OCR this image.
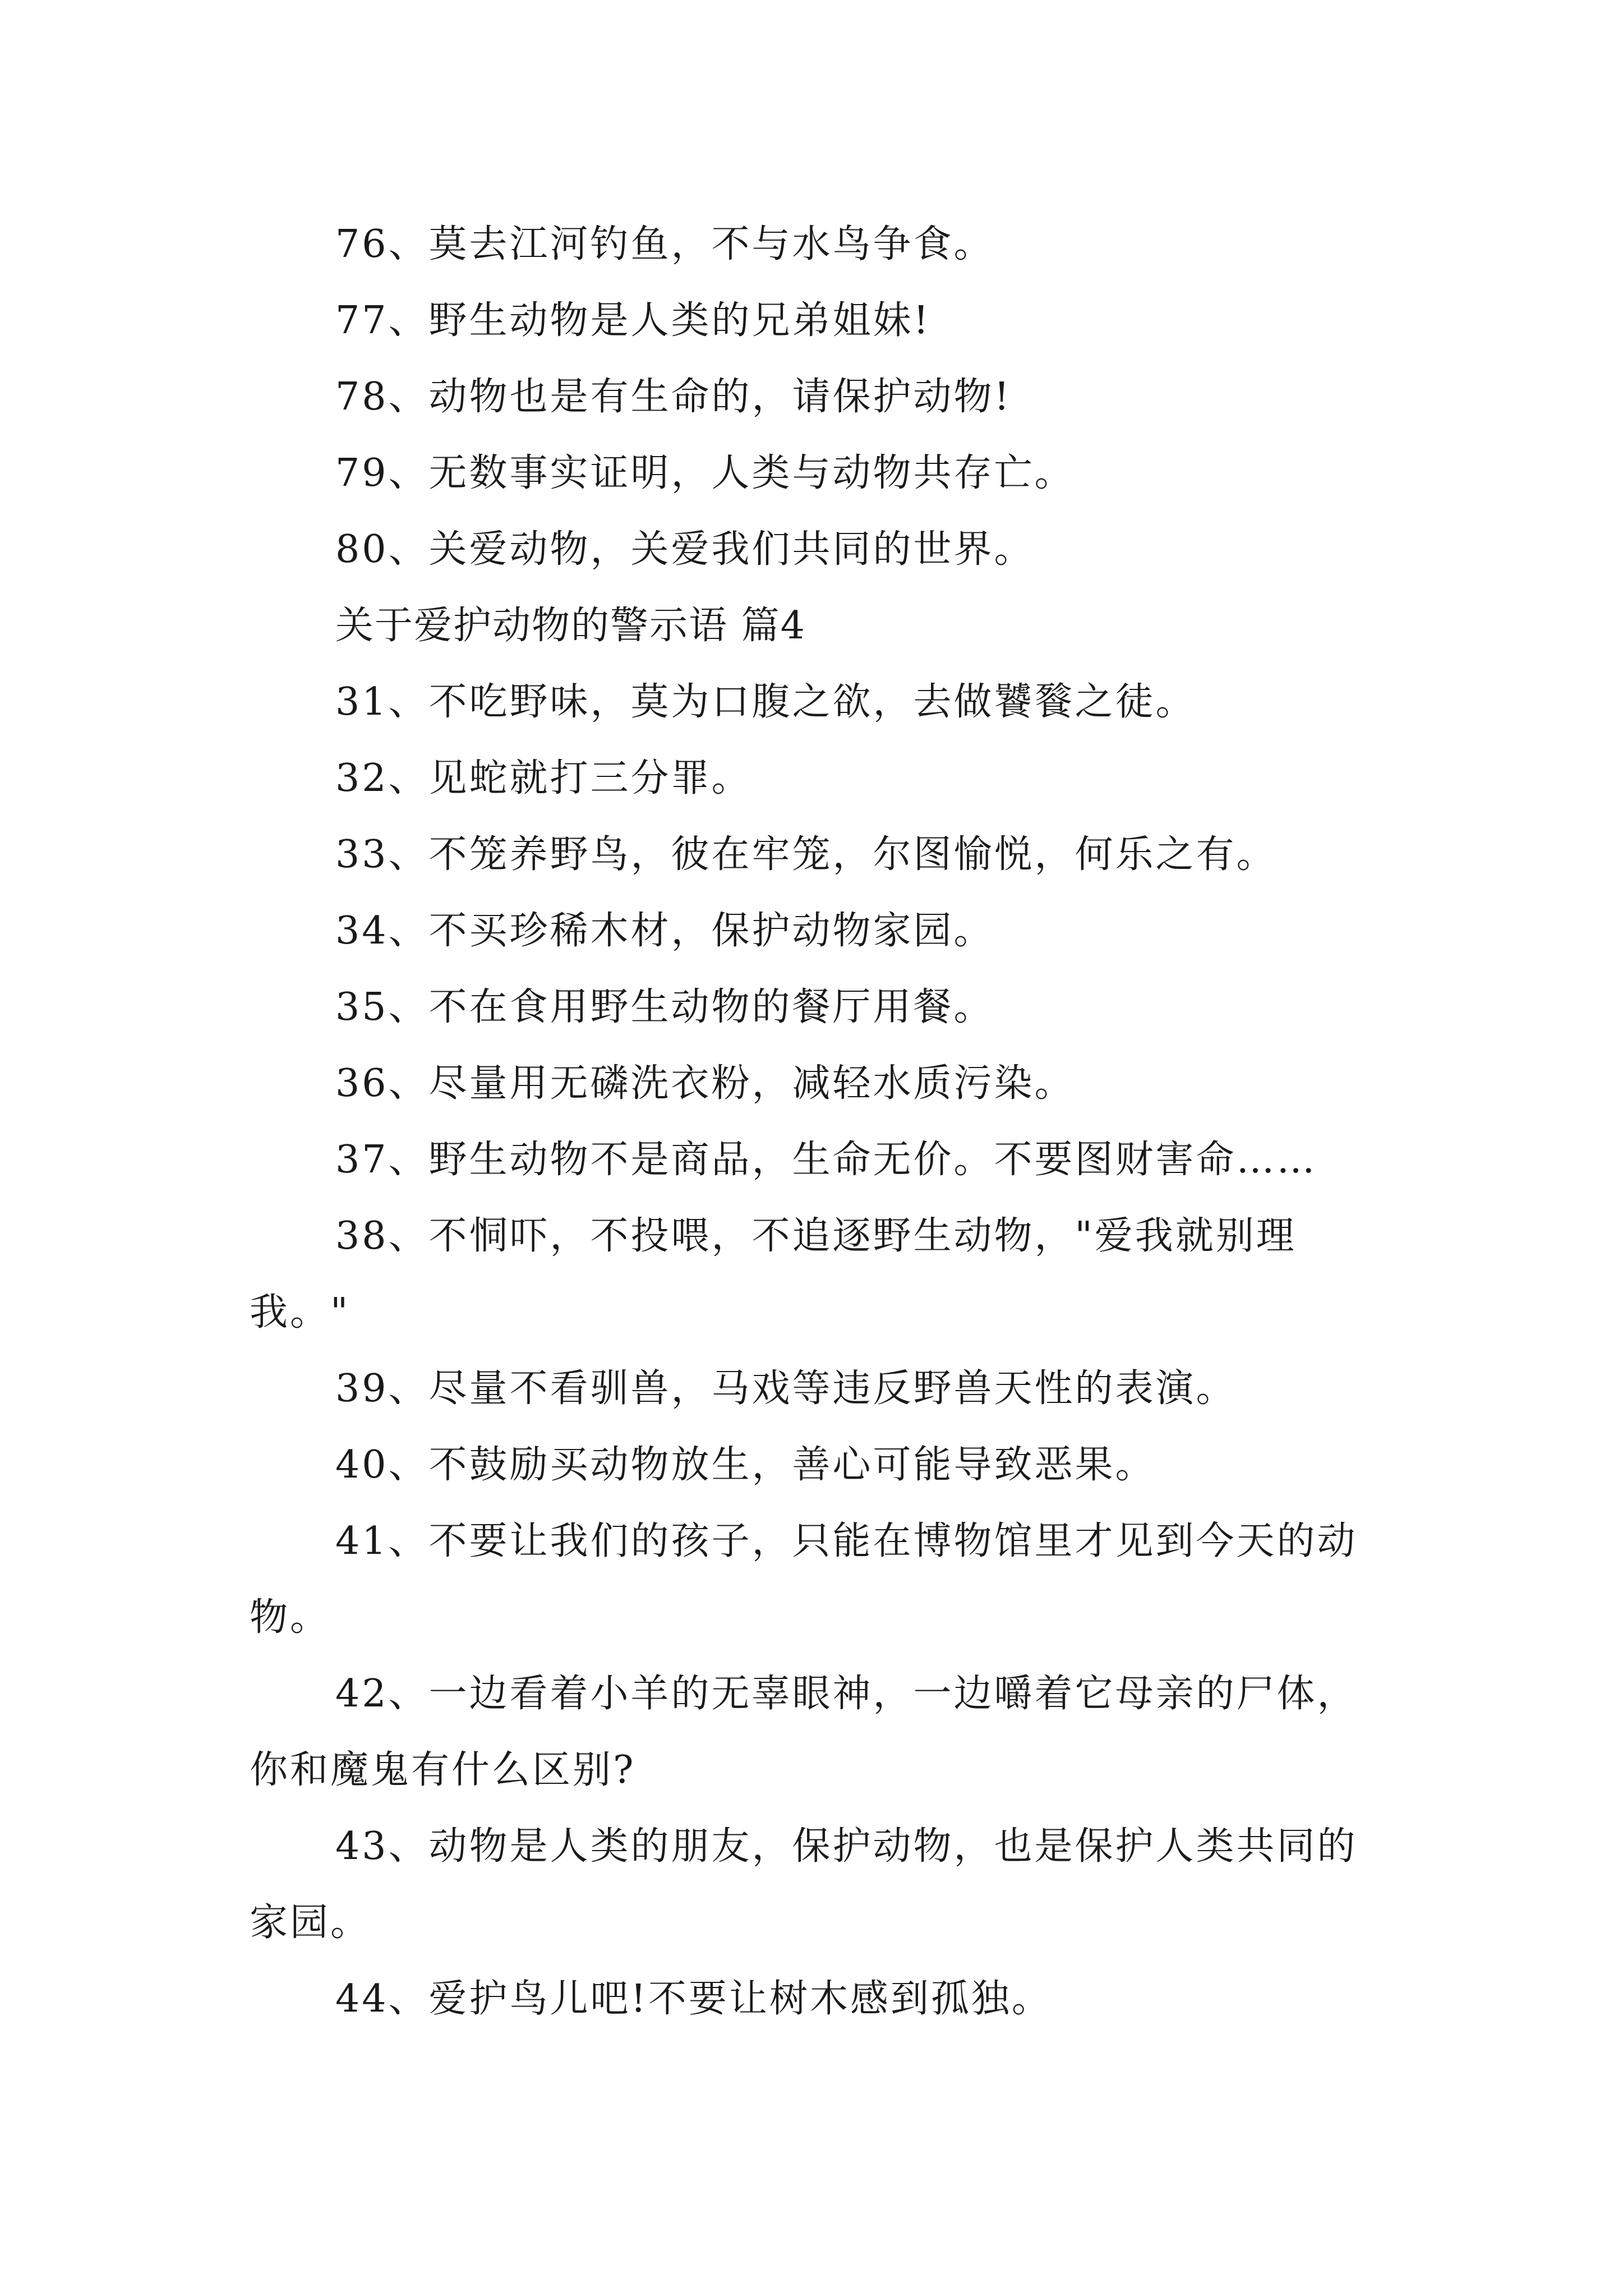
76、莫去江河钓鱼，不与水鸟争食。

77、野生动物是人类的兄弟姐妹!

78、动物也是有生命的，请保护动物!

79、无数事实证明，人类与动物共存亡。

80、关爱动物，关爱我们共同的世界。

关于爱护动物的警示语 篇4

31、不吃野味，莫为口腹之欲，去做饕餮之徒。

32、见蛇就打三分罪。

33、不笼养野鸟，彼在牢笼，尔图愉悦，何乐之有。

34、不买珍稀木材，保护动物家园。

35、不在食用野生动物的餐厅用餐。

36、尽量用无磷洗衣粉，减轻水质污染。

37、野生动物不是商品，生命无价。不要图财害命……

38、不恫吓，不投喂，不追逐野生动物，"爱我就别理我。"

39、尽量不看驯兽，马戏等违反野兽天性的表演。

40、不鼓励买动物放生，善心可能导致恶果。

41、不要让我们的孩子，只能在博物馆里才见到今天的动物。

42、一边看着小羊的无辜眼神，一边嚼着它母亲的尸体，你和魔鬼有什么区别?

43、动物是人类的朋友，保护动物，也是保护人类共同的家园。

44、爱护鸟儿吧!不要让树木感到孤独。
